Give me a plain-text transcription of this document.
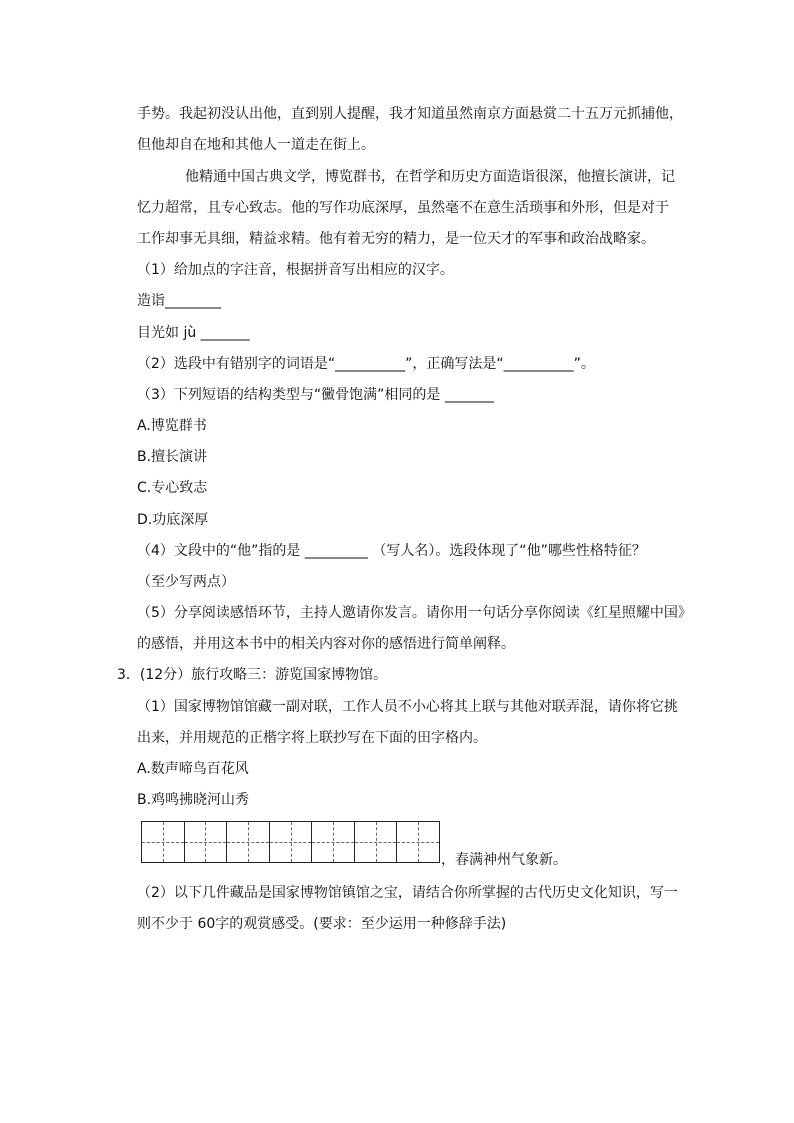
手势。我起初没认出他，直到别人提醒，我才知道虽然南京方面悬赏二十五万元抓捕他，
但他却自在地和其他人一道走在街上。
他精通中国古典文学，博览群书，在哲学和历史方面造诣很深，他擅长演讲，记
忆力超常，且专心致志。他的写作功底深厚，虽然毫不在意生活琐事和外形，但是对于
工作却事无具细，精益求精。他有着无穷的精力，是一位天才的军事和政治战略家。
（1）给加点的字注音，根据拼音写出相应的汉字。
造诣________
目光如 jù _______
（2）选段中有错别字的词语是“__________”，正确写法是“__________”。
（3）下列短语的结构类型与“黴骨饱满”相同的是 _______
A.博览群书
B.擅长演讲
C.专心致志
D.功底深厚
（4）文段中的“他”指的是 _________ （写人名）。选段体现了“他”哪些性格特征？
（至少写两点）
（5）分享阅读感悟环节，主持人邀请你发言。请你用一句话分享你阅读《红星照耀中国》
的感悟，并用这本书中的相关内容对你的感悟进行简单阐释。
3．(12分）旅行攻略三：游览国家博物馆。
（1）国家博物馆馆藏一副对联，工作人员不小心将其上联与其他对联弄混，请你将它挑
出来，并用规范的正楷字将上联抄写在下面的田字格内。
A.数声啼鸟百花风
B.鸡鸣拂晓河山秀
，春满神州气象新。
（2）以下几件藏品是国家博物馆镇馆之宝，请结合你所掌握的古代历史文化知识，写一
则不少于 60字的观赏感受。(要求：至少运用一种修辞手法)
